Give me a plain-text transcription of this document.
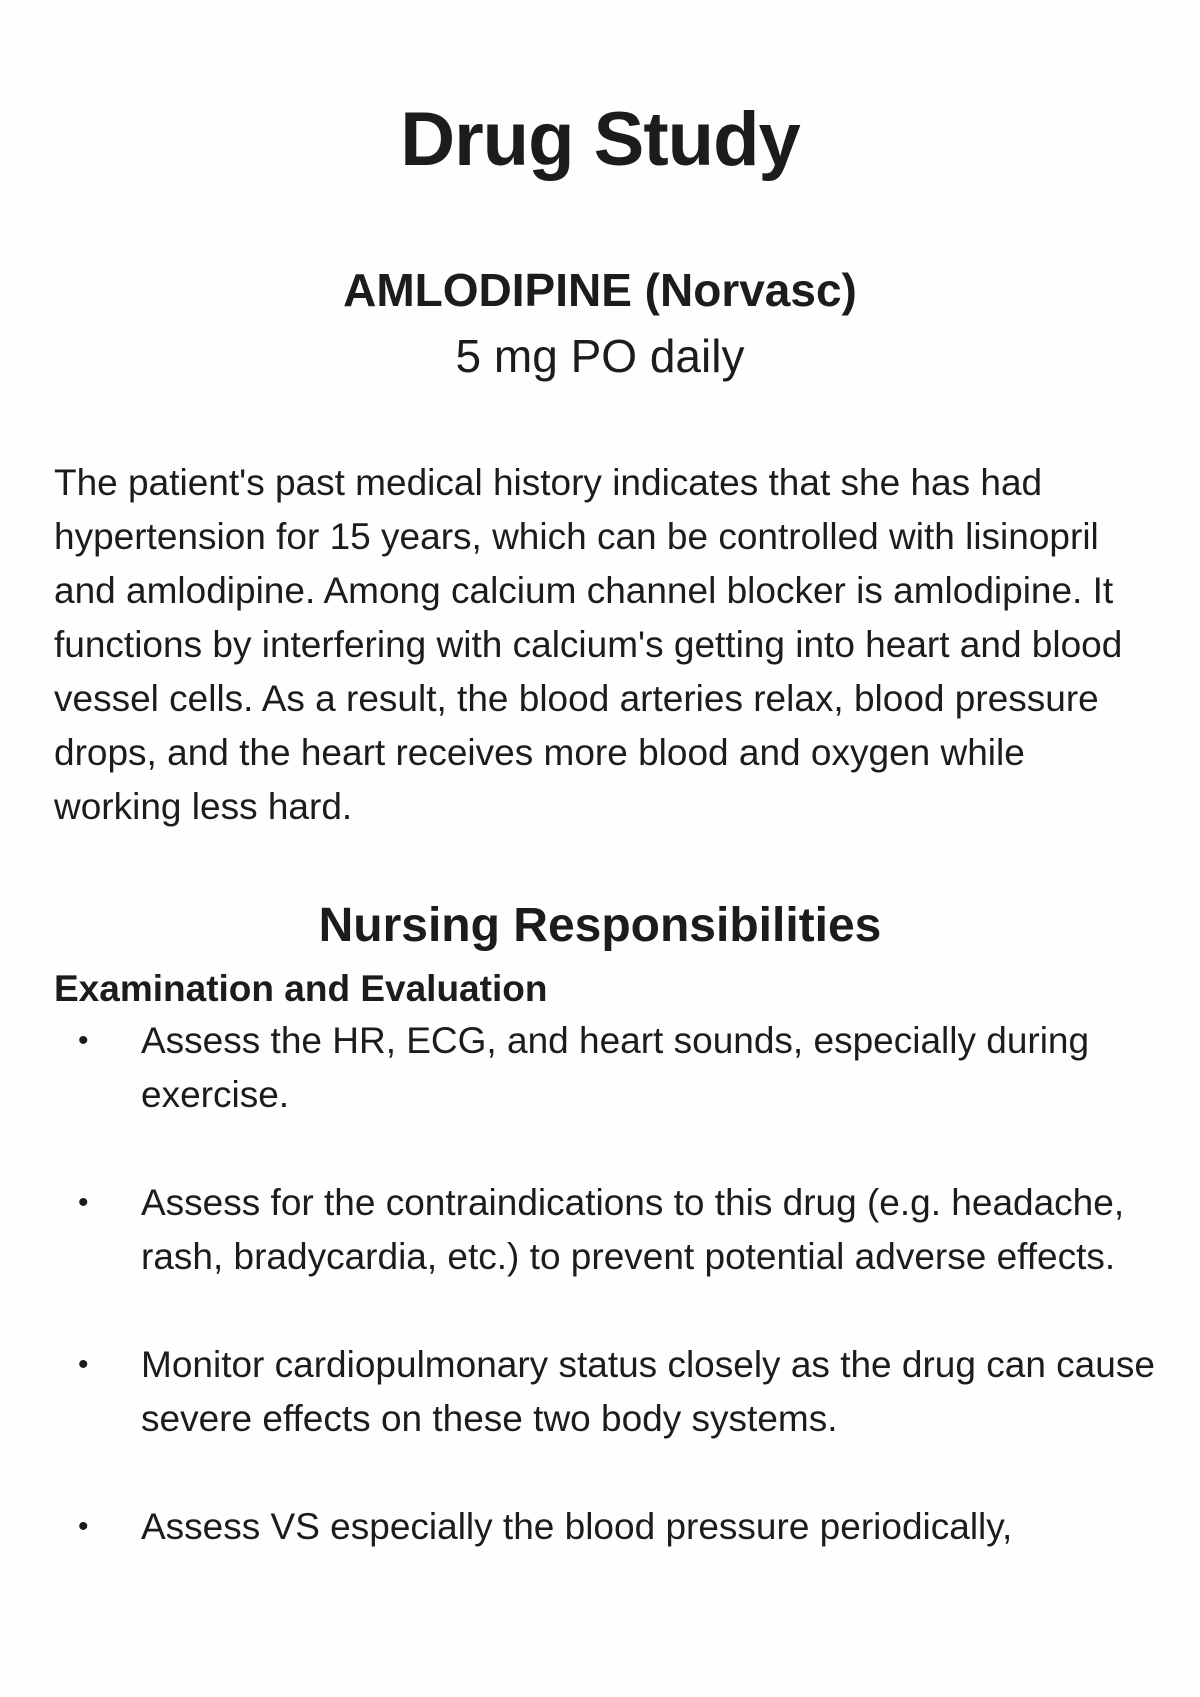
Drug Study

AMLODIPINE (Norvasc)

5 mg PO daily

The patient's past medical history indicates that she has had hypertension for 15 years, which can be controlled with lisinopril and amlodipine. Among calcium channel blocker is amlodipine. It functions by interfering with calcium's getting into heart and blood vessel cells. As a result, the blood arteries relax, blood pressure drops, and the heart receives more blood and oxygen while working less hard.

Nursing Responsibilities
Examination and Evaluation
• Assess the HR, ECG, and heart sounds, especially during exercise.
• Assess for the contraindications to this drug (e.g. headache, rash, bradycardia, etc.) to prevent potential adverse effects.
• Monitor cardiopulmonary status closely as the drug can cause severe effects on these two body systems.
• Assess VS especially the blood pressure periodically,
